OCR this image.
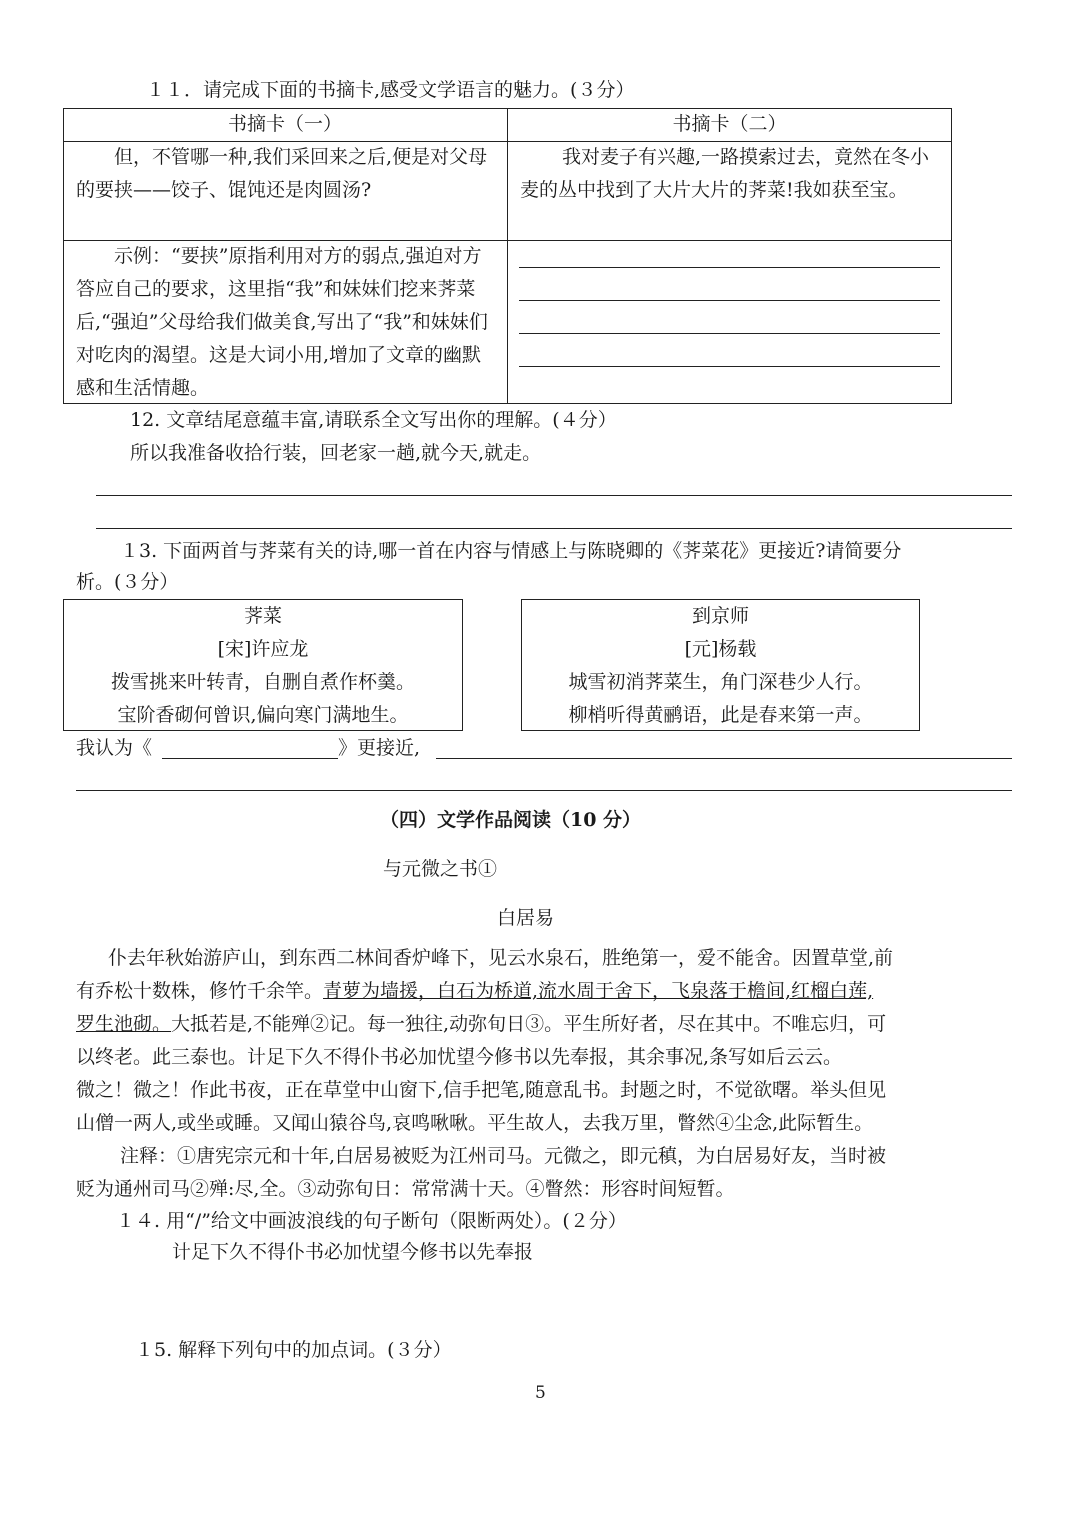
１１．请完成下面的书摘卡,感受文学语言的魅力。(３分）
书摘卡（一）	书摘卡（二）
但，不管哪一种,我们采回来之后,便是对父母的要挟——饺子、馄饨还是肉圆汤?
我对麦子有兴趣,一路摸索过去，竟然在冬小麦的丛中找到了大片大片的荠菜!我如获至宝。
示例：“要挟”原指利用对方的弱点,强迫对方答应自己的要求，这里指“我”和妹妹们挖来荠菜后,“强迫”父母给我们做美食,写出了“我”和妹妹们对吃肉的渴望。这是大词小用,增加了文章的幽默感和生活情趣。
12. 文章结尾意蕴丰富,请联系全文写出你的理解。(４分）
所以我准备收拾行装，回老家一趟,就今天,就走。
１3. 下面两首与荠菜有关的诗,哪一首在内容与情感上与陈晓卿的《荠菜花》更接近?请简要分
析。(３分）
荠菜
[宋]许应龙
拨雪挑来叶转青，自删自煮作杯羹。
宝阶香砌何曾识,偏向寒门满地生。
到京师
[元]杨载
城雪初消荠菜生，角门深巷少人行。
柳梢听得黄鹂语，此是春来第一声。
我认为《	》更接近,
（四）文学作品阅读（10 分）
与元微之书①
白居易
仆去年秋始游庐山，到东西二林间香炉峰下，见云水泉石，胜绝第一，爱不能舍。因置草堂,前
有乔松十数株，修竹千余竿。青萝为墙援，白石为桥道,流水周于舍下，飞泉落于檐间,红榴白莲,
罗生池砌。大抵若是,不能殚②记。每一独往,动弥旬日③。平生所好者，尽在其中。不唯忘归，可
以终老。此三泰也。计足下久不得仆书必加忧望今修书以先奉报，其余事况,条写如后云云。
微之！微之！作此书夜，正在草堂中山窗下,信手把笔,随意乱书。封题之时，不觉欲曙。举头但见
山僧一两人,或坐或睡。又闻山猿谷鸟,哀鸣啾啾。平生故人，去我万里，瞥然④尘念,此际暂生。
注释：①唐宪宗元和十年,白居易被贬为江州司马。元微之，即元稹，为白居易好友，当时被
贬为通州司马②殚:尽,全。③动弥旬日：常常满十天。④瞥然：形容时间短暂。
１４. 用“/”给文中画波浪线的句子断句（限断两处）。(２分）
计足下久不得仆书必加忧望今修书以先奉报
１5. 解释下列句中的加点词。(３分）
5
